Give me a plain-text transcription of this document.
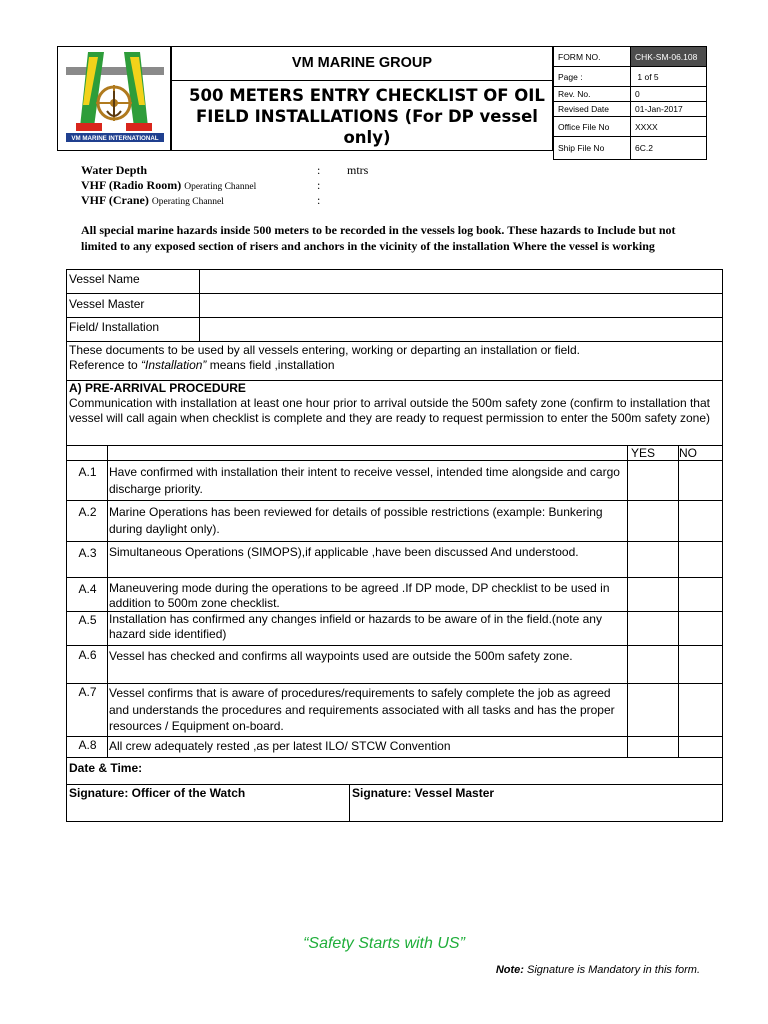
VM MARINE INTERNATIONAL
VM MARINE GROUP
500 METERS ENTRY CHECKLIST OF OIL FIELD INSTALLATIONS (For DP vessel only)
FORM NO.	CHK-SM-06.108
Page :	1 of 5
Rev. No.	0
Revised Date	01-Jan-2017
Office File No	XXXX
Ship File No	6C.2
Water Depth	: mtrs
VHF (Radio Room) Operating Channel	:
VHF (Crane) Operating Channel	:
All special marine hazards inside 500 meters to be recorded in the vessels log book. These hazards to Include but not limited to any exposed section of risers and anchors in the vicinity of the installation Where the vessel is working
Vessel Name
Vessel Master
Field/ Installation
These documents to be used by all vessels entering, working or departing an installation or field.
Reference to “Installation” means field ,installation
A) PRE-ARRIVAL PROCEDURE
Communication with installation at least one hour prior to arrival outside the 500m safety zone (confirm to installation that vessel will call again when checklist is complete and they are ready to request permission to enter the 500m safety zone)
YES NO
A.1	Have confirmed with installation their intent to receive vessel, intended time alongside and cargo discharge priority.
A.2	Marine Operations has been reviewed for details of possible restrictions (example: Bunkering during daylight only).
A.3	Simultaneous Operations (SIMOPS),if applicable ,have been discussed And understood.
A.4	Maneuvering mode during the operations to be agreed .If DP mode, DP checklist to be used in addition to 500m zone checklist.
A.5	Installation has confirmed any changes infield or hazards to be aware of in the field.(note any hazard side identified)
A.6	Vessel has checked and confirms all waypoints used are outside the 500m safety zone.
A.7	Vessel confirms that is aware of procedures/requirements to safely complete the job as agreed and understands the procedures and requirements associated with all tasks and has the proper resources / Equipment on-board.
A.8	All crew adequately rested ,as per latest ILO/ STCW Convention
Date & Time:
Signature: Officer of the Watch	Signature: Vessel Master
“Safety Starts with US”
Note: Signature is Mandatory in this form.
